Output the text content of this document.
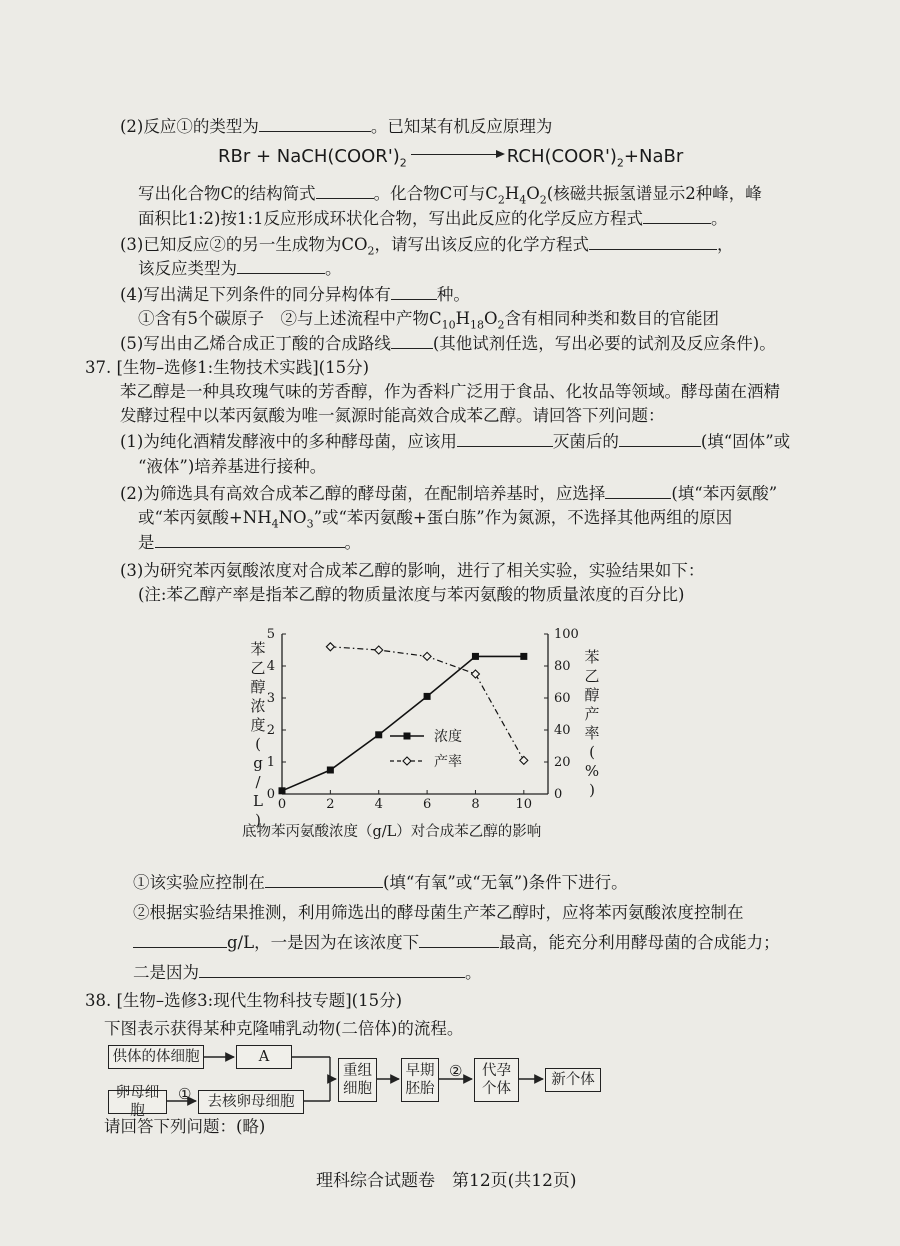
(2)反应①的类型为	。已知某有机反应原理为
RBr + $NaCH(COOR')_2$	$RCH(COOR')_2+NaBr$
写出化合物C的结构简式	。化合物C可与$C_2H_4O_2$(核磁共振氢谱显示2种峰，峰
面积比1:2)按1:1反应形成环状化合物，写出此反应的化学反应方程式	。
(3)已知反应②的另一生成物为$CO_2$，请写出该反应的化学方程式	，
该反应类型为	。
(4)写出满足下列条件的同分异构体有	种。
①含有5个碳原子　②与上述流程中产物$C_{10}H_{18}O_2$含有相同种类和数目的官能团
(5)写出由乙烯合成正丁酸的合成路线	(其他试剂任选，写出必要的试剂及反应条件)。
37. [生物–选修1:生物技术实践](15分)
苯乙醇是一种具玫瑰气味的芳香醇，作为香料广泛用于食品、化妆品等领域。酵母菌在酒精
发酵过程中以苯丙氨酸为唯一氮源时能高效合成苯乙醇。请回答下列问题：
(1)为纯化酒精发酵液中的多种酵母菌，应该用	灭菌后的	(填“固体”或
“液体”)培养基进行接种。
(2)为筛选具有高效合成苯乙醇的酵母菌，在配制培养基时，应选择	(填“苯丙氨酸”
或“苯丙氨酸$+NH_4NO_3$”或“苯丙氨酸+蛋白胨”作为氮源，不选择其他两组的原因
是	。
(3)为研究苯丙氨酸浓度对合成苯乙醇的影响，进行了相关实验，实验结果如下：
(注:苯乙醇产率是指苯乙醇的物质量浓度与苯丙氨酸的物质量浓度的百分比)
0	2	4	6	8	10
0
1
2
3
4
5
0
20
40
60
80
100
苯
乙
醇
浓
度
(
g
/
L
)
苯
乙
醇
产
率
(
%
)
浓度
产率
底物苯丙氨酸浓度（g/L）对合成苯乙醇的影响
①该实验应控制在	(填“有氧”或“无氧”)条件下进行。
②根据实验结果推测，利用筛选出的酵母菌生产苯乙醇时，应将苯丙氨酸浓度控制在
g/L，一是因为在该浓度下	最高，能充分利用酵母菌的合成能力；
二是因为	。
38. [生物–选修3:现代生物科技专题](15分)
下图表示获得某种克隆哺乳动物(二倍体)的流程。
供体的体细胞	A
卵母细胞
①	去核卵母细胞
重组
细胞
早期
胚胎
② 代孕
个体
新个体
请回答下列问题：(略)
理科综合试题卷　第12页(共12页)
